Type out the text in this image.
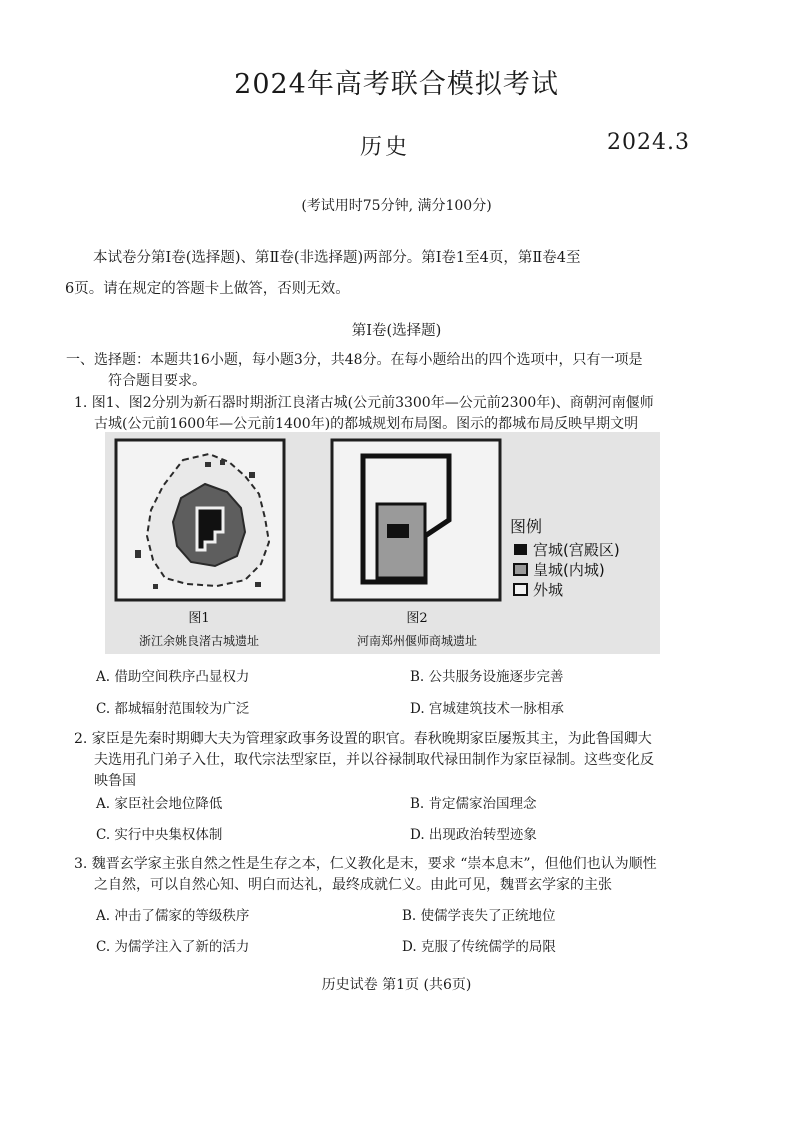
2024年高考联合模拟考试
历史	2024.3
(考试用时75分钟, 满分100分)
本试卷分第Ⅰ卷(选择题)、第Ⅱ卷(非选择题)两部分。第Ⅰ卷1至4页，第Ⅱ卷4至
6页。请在规定的答题卡上做答，否则无效。
第Ⅰ卷(选择题)
一、选择题：本题共16小题，每小题3分，共48分。在每小题给出的四个选项中，只有一项是
符合题目要求。
1. 图1、图2分别为新石器时期浙江良渚古城(公元前3300年—公元前2300年)、商朝河南偃师
古城(公元前1600年—公元前1400年)的都城规划布局图。图示的都城布局反映早期文明
图1
浙江余姚良渚古城遗址
图2
河南郑州偃师商城遗址
图例
宫城(宫殿区)
皇城(内城)
外城
A. 借助空间秩序凸显权力	B. 公共服务设施逐步完善
C. 都城辐射范围较为广泛	D. 宫城建筑技术一脉相承
2. 家臣是先秦时期卿大夫为管理家政事务设置的职官。春秋晚期家臣屡叛其主，为此鲁国卿大
夫选用孔门弟子入仕，取代宗法型家臣，并以谷禄制取代禄田制作为家臣禄制。这些变化反
映鲁国
A. 家臣社会地位降低	B. 肯定儒家治国理念
C. 实行中央集权体制	D. 出现政治转型迹象
3. 魏晋玄学家主张自然之性是生存之本，仁义教化是末，要求 “崇本息末”，但他们也认为顺性
之自然，可以自然心知、明白而达礼，最终成就仁义。由此可见，魏晋玄学家的主张
A. 冲击了儒家的等级秩序	B. 使儒学丧失了正统地位
C. 为儒学注入了新的活力	D. 克服了传统儒学的局限
历史试卷 第1页 (共6页)
